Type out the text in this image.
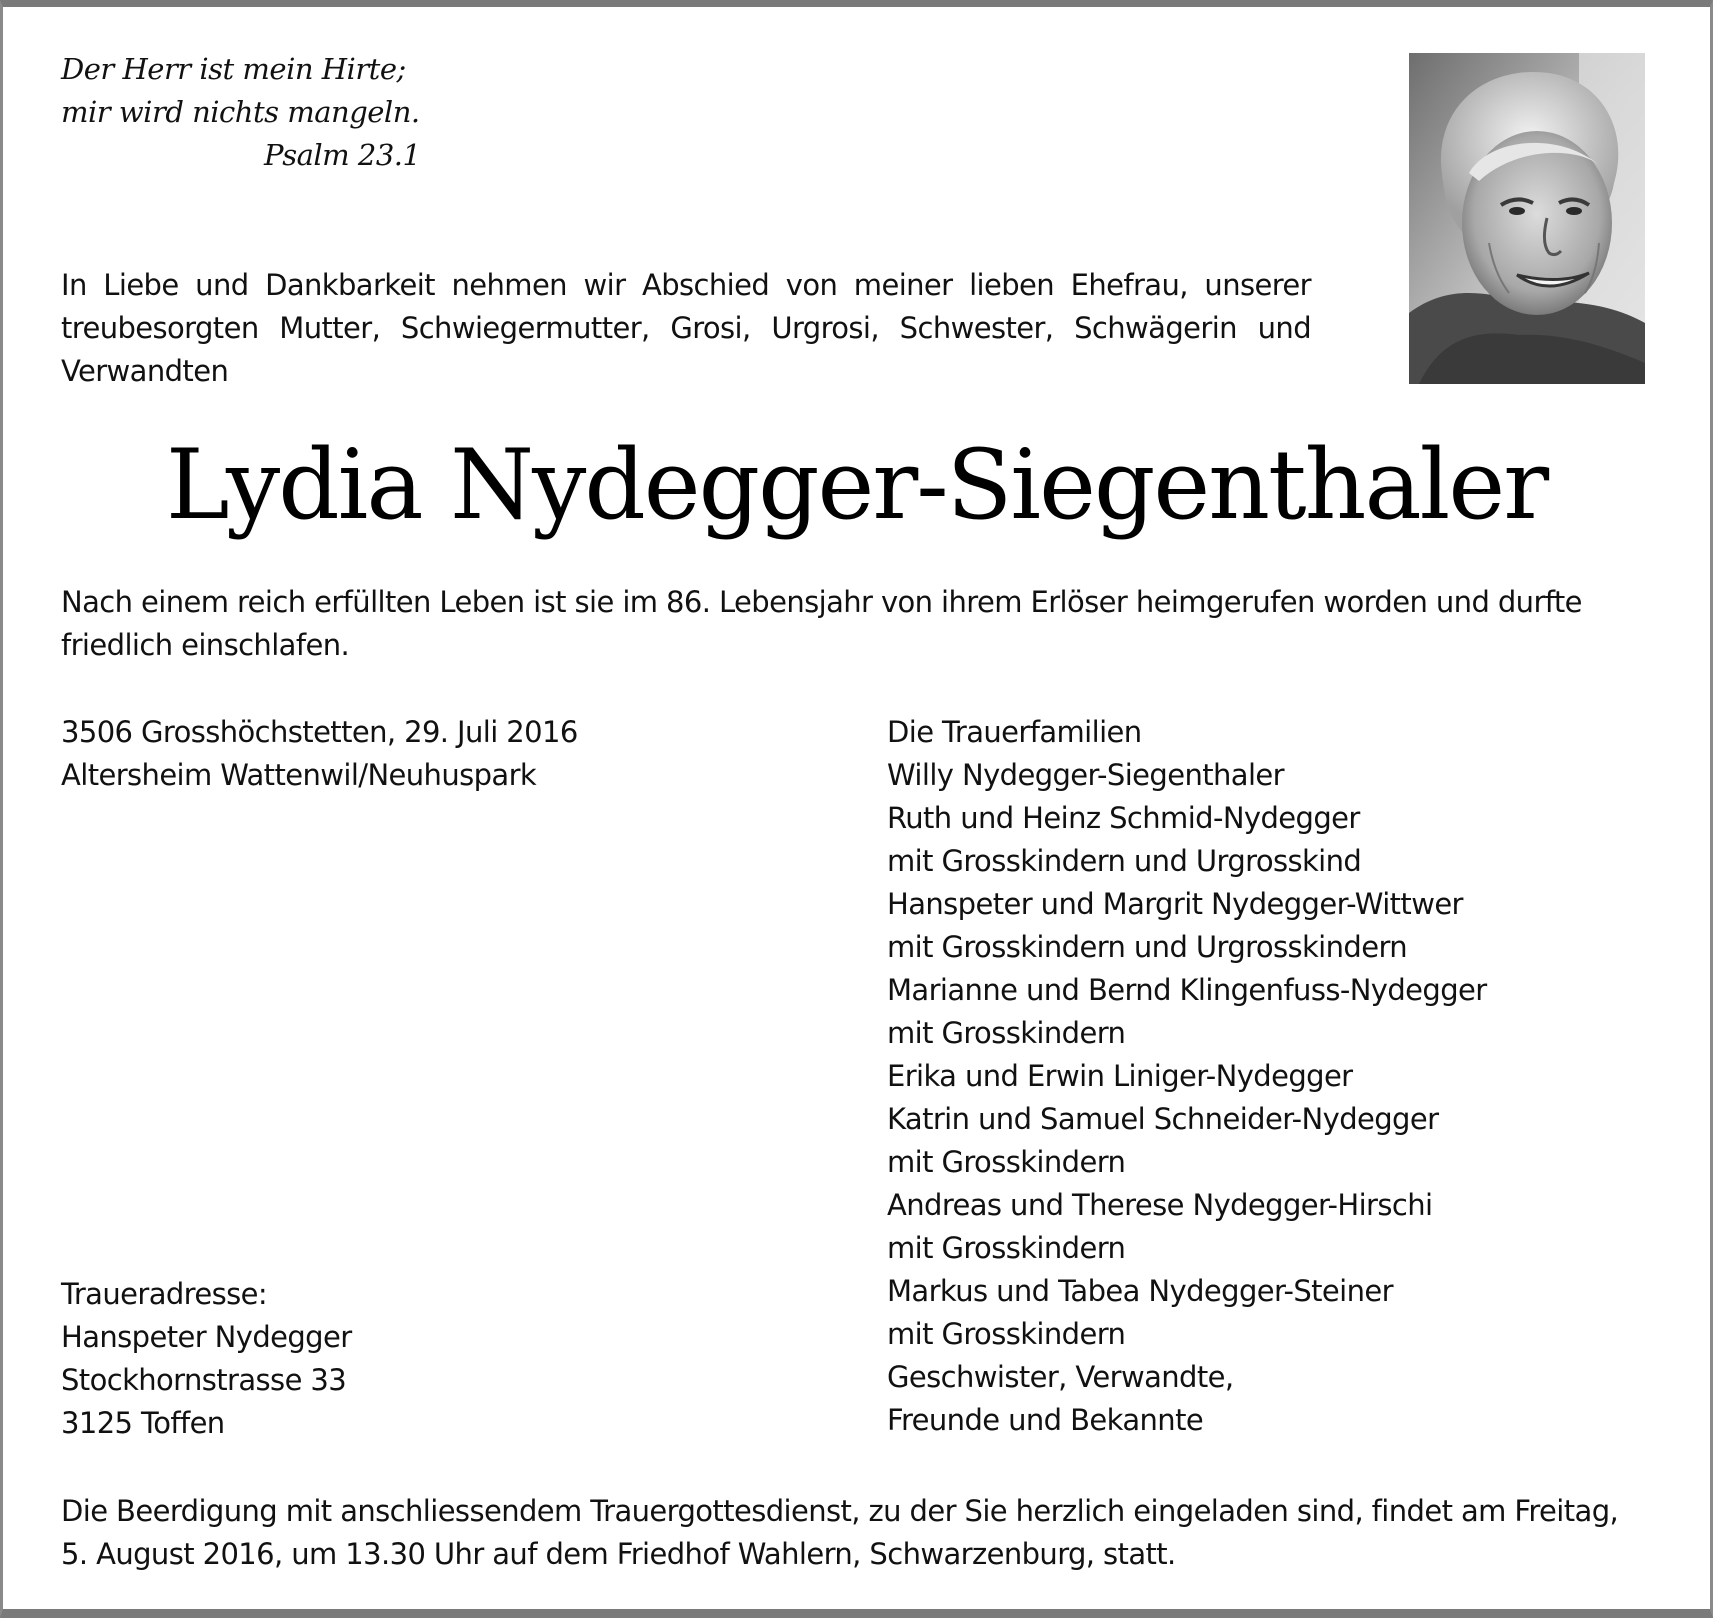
Der Herr ist mein Hirte;
mir wird nichts mangeln.
Psalm 23.1
In Liebe und Dankbarkeit nehmen wir Abschied von meiner lieben Ehefrau, unserer
treubesorgten Mutter, Schwiegermutter, Grosi, Urgrosi, Schwester, Schwägerin und
Verwandten
Lydia Nydegger-Siegenthaler
Nach einem reich erfüllten Leben ist sie im 86. Lebensjahr von ihrem Erlöser heimgerufen worden und durfte
friedlich einschlafen.
3506 Grosshöchstetten, 29. Juli 2016
Altersheim Wattenwil/Neuhuspark
Traueradresse:
Hanspeter Nydegger
Stockhornstrasse 33
3125 Toffen
Die Trauerfamilien
Willy Nydegger-Siegenthaler
Ruth und Heinz Schmid-Nydegger
mit Grosskindern und Urgrosskind
Hanspeter und Margrit Nydegger-Wittwer
mit Grosskindern und Urgrosskindern
Marianne und Bernd Klingenfuss-Nydegger
mit Grosskindern
Erika und Erwin Liniger-Nydegger
Katrin und Samuel Schneider-Nydegger
mit Grosskindern
Andreas und Therese Nydegger-Hirschi
mit Grosskindern
Markus und Tabea Nydegger-Steiner
mit Grosskindern
Geschwister, Verwandte,
Freunde und Bekannte
Die Beerdigung mit anschliessendem Trauergottesdienst, zu der Sie herzlich eingeladen sind, findet am Freitag,
5. August 2016, um 13.30 Uhr auf dem Friedhof Wahlern, Schwarzenburg, statt.
